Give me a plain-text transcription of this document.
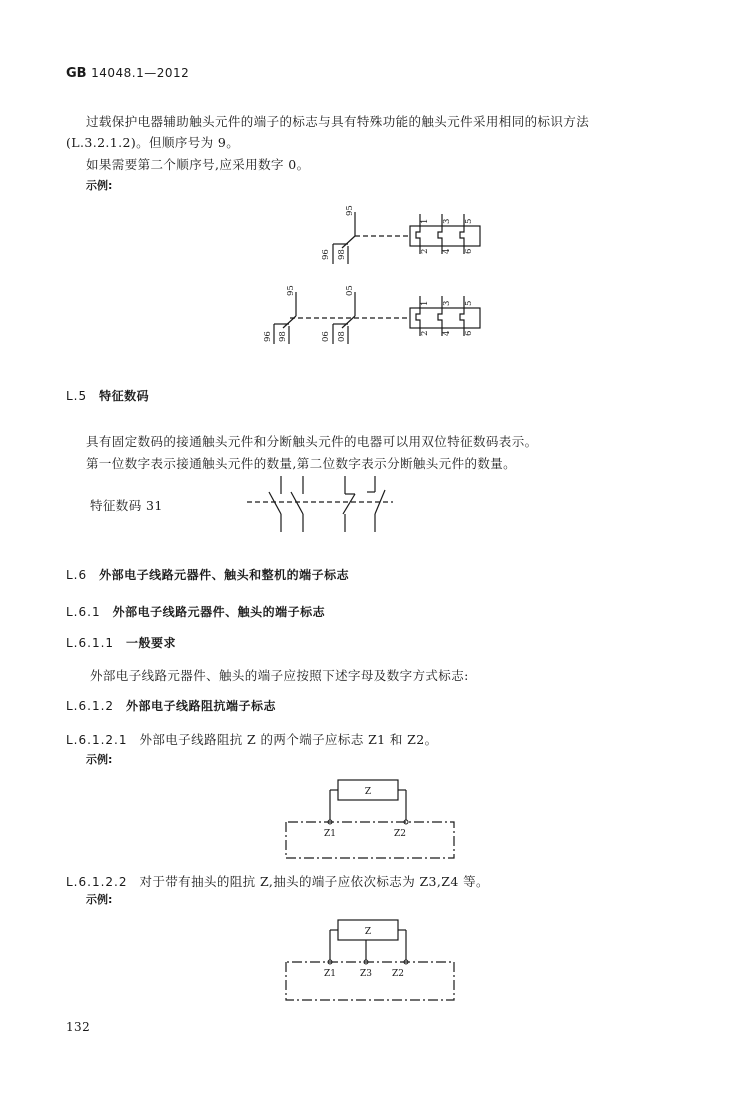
GB 14048.1—2012
过载保护电器辅助触头元件的端子的标志与具有特殊功能的触头元件采用相同的标识方法
(L.3.2.1.2)。但顺序号为 9。
如果需要第二个顺序号,应采用数字 0。
示例:
95
96 98
1 3 5
2 4 6
95
96 98
05
06 08
1 3 5
2 4 6
L.5 特征数码
具有固定数码的接通触头元件和分断触头元件的电器可以用双位特征数码表示。
第一位数字表示接通触头元件的数量,第二位数字表示分断触头元件的数量。
特征数码 31
L.6 外部电子线路元器件、触头和整机的端子标志
L.6.1 外部电子线路元器件、触头的端子标志
L.6.1.1 一般要求
外部电子线路元器件、触头的端子应按照下述字母及数字方式标志:
L.6.1.2 外部电子线路阻抗端子标志
L.6.1.2.1 外部电子线路阻抗 Z 的两个端子应标志 Z1 和 Z2。
示例:
Z
Z1	Z2
L.6.1.2.2 对于带有抽头的阻抗 Z,抽头的端子应依次标志为 Z3,Z4 等。
示例:
Z
Z1	Z3 Z2
132
